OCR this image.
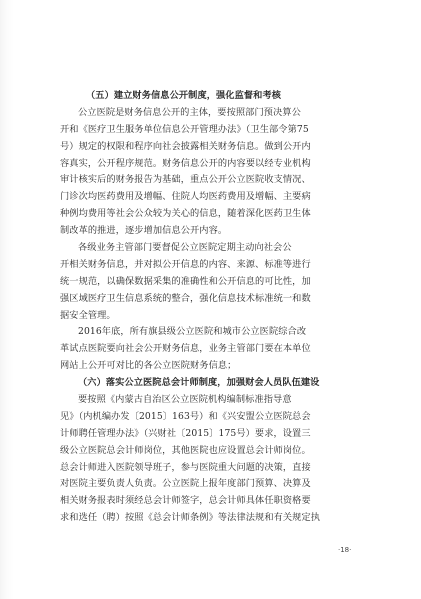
（五）建立财务信息公开制度，强化监督和考核
公立医院是财务信息公开的主体，要按照部门预决算公
开和《医疗卫生服务单位信息公开管理办法》（卫生部令第75
号）规定的权限和程序向社会披露相关财务信息。做到公开内
容真实，公开程序规范。财务信息公开的内容要以经专业机构
审计核实后的财务报告为基础，重点公开公立医院收支情况、
门诊次均医药费用及增幅、住院人均医药费用及增幅、主要病
种例均费用等社会公众较为关心的信息，随着深化医药卫生体
制改革的推进，逐步增加信息公开内容。
各级业务主管部门要督促公立医院定期主动向社会公
开相关财务信息，并对拟公开信息的内容、来源、标准等进行
统一规范，以确保数据采集的准确性和公开信息的可比性，加
强区域医疗卫生信息系统的整合，强化信息技术标准统一和数
据安全管理。
2016年底，所有旗县级公立医院和城市公立医院综合改
革试点医院要向社会公开财务信息，业务主管部门要在本单位
网站上公开可对比的各公立医院财务信息；
（六）落实公立医院总会计师制度，加强财会人员队伍建设
要按照《内蒙古自治区公立医院机构编制标准指导意
见》（内机编办发〔2015〕163号）和《兴安盟公立医院总会
计师聘任管理办法》（兴财社〔2015〕175号）要求，设置三
级公立医院总会计师岗位，其他医院也应设置总会计师岗位。
总会计师进入医院领导班子，参与医院重大问题的决策，直接
对医院主要负责人负责。公立医院上报年度部门预算、决算及
相关财务报表时须经总会计师签字，总会计师具体任职资格要
求和选任（聘）按照《总会计师条例》等法律法规和有关规定执
·18·
